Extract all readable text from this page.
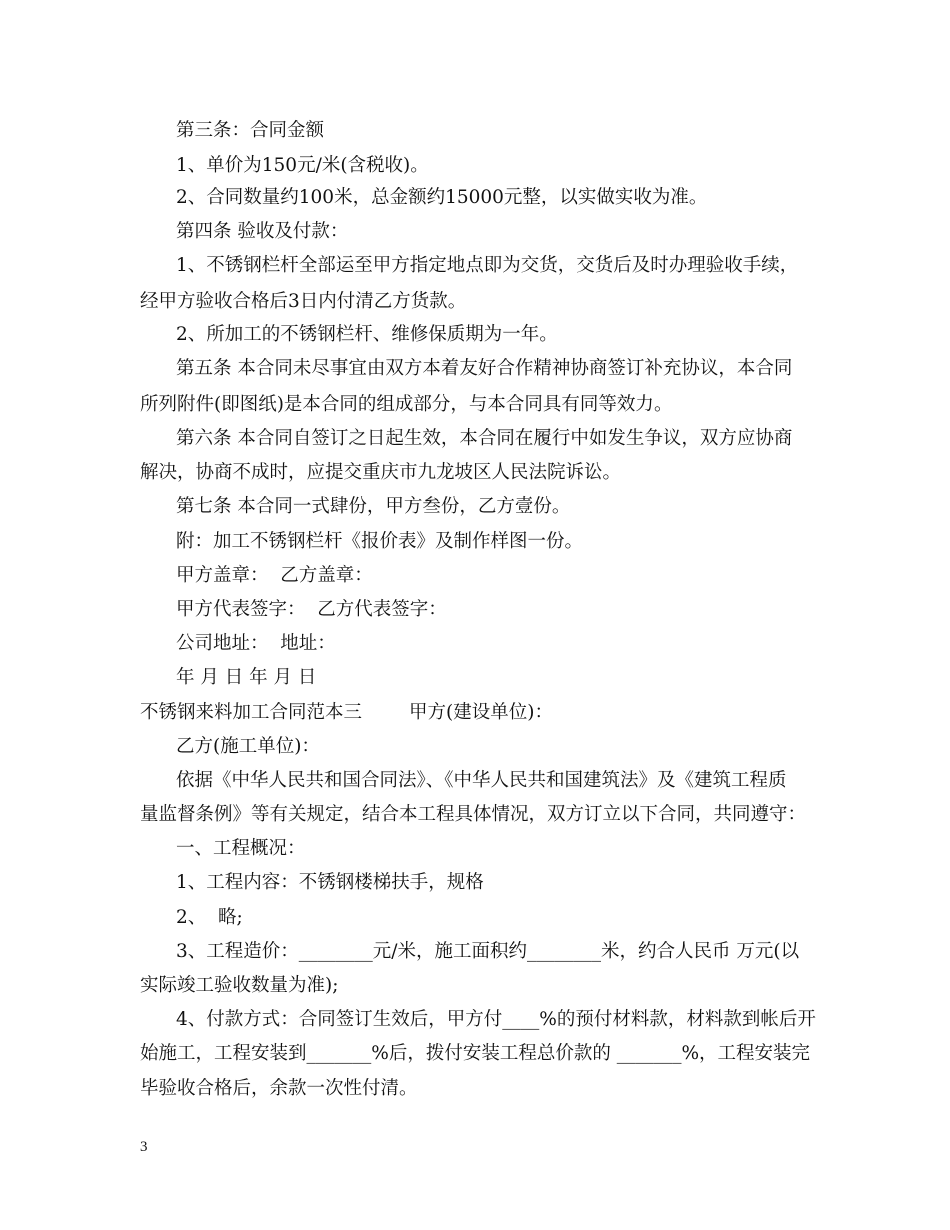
第三条：合同金额
1、单价为150元/米(含税收)。
2、合同数量约100米，总金额约15000元整，以实做实收为准。
第四条 验收及付款：
1、不锈钢栏杆全部运至甲方指定地点即为交货，交货后及时办理验收手续，
经甲方验收合格后3日内付清乙方货款。
2、所加工的不锈钢栏杆、维修保质期为一年。
第五条 本合同未尽事宜由双方本着友好合作精神协商签订补充协议，本合同
所列附件(即图纸)是本合同的组成部分，与本合同具有同等效力。
第六条 本合同自签订之日起生效，本合同在履行中如发生争议，双方应协商
解决，协商不成时，应提交重庆市九龙坡区人民法院诉讼。
第七条 本合同一式肆份，甲方叁份，乙方壹份。
附：加工不锈钢栏杆《报价表》及制作样图一份。
甲方盖章：  乙方盖章：
甲方代表签字：  乙方代表签字：
公司地址：  地址：
年 月 日 年 月 日
不锈钢来料加工合同范本三        甲方(建设单位)：
乙方(施工单位)：
依据《中华人民共和国合同法》、《中华人民共和国建筑法》及《建筑工程质
量监督条例》等有关规定，结合本工程具体情况，双方订立以下合同，共同遵守：
一、工程概况：
1、工程内容：不锈钢楼梯扶手，规格
2、  略;
3、工程造价：________元/米，施工面积约________米，约合人民币 万元(以
实际竣工验收数量为准);
4、付款方式：合同签订生效后，甲方付____%的预付材料款，材料款到帐后开
始施工，工程安装到_______%后，拨付安装工程总价款的 _______%，工程安装完
毕验收合格后，余款一次性付清。
3
